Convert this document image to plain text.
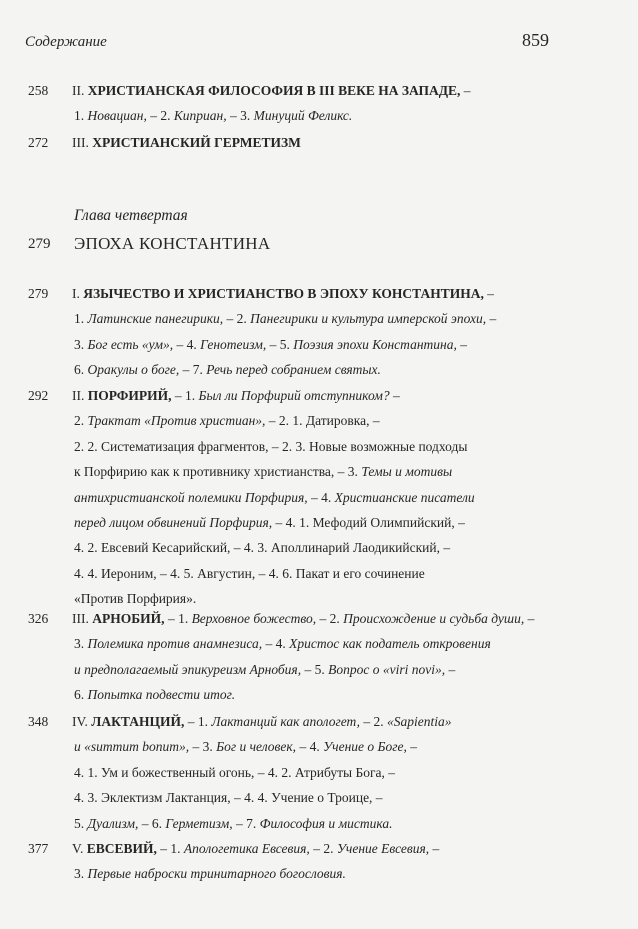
Содержание	859
Глава четвертая
279 ЭПОХА КОНСТАНТИНА
258 II. ХРИСТИАНСКАЯ ФИЛОСОФИЯ В III ВЕКЕ НА ЗАПАДЕ, –
1. Новациан, – 2. Киприан, – 3. Минуций Феликс.
272 III. ХРИСТИАНСКИЙ ГЕРМЕТИЗМ
279 I. ЯЗЫЧЕСТВО И ХРИСТИАНСТВО В ЭПОХУ КОНСТАНТИНА, –
1. Латинские панегирики, – 2. Панегирики и культура имперской эпохи, –
3. Бог есть «ум», – 4. Генотеизм, – 5. Поэзия эпохи Константина, –
6. Оракулы о боге, – 7. Речь перед собранием святых.
292 II. ПОРФИРИЙ, – 1. Был ли Порфирий отступником? –
2. Трактат «Против христиан», – 2. 1. Датировка, –
2. 2. Систематизация фрагментов, – 2. 3. Новые возможные подходы
к Порфирию как к противнику христианства, – 3. Темы и мотивы
антихристианской полемики Порфирия, – 4. Христианские писатели
перед лицом обвинений Порфирия, – 4. 1. Мефодий Олимпийский, –
4. 2. Евсевий Кесарийский, – 4. 3. Аполлинарий Лаодикийский, –
4. 4. Иероним, – 4. 5. Августин, – 4. 6. Пакат и его сочинение
«Против Порфирия».
326 III. АРНОБИЙ, – 1. Верховное божество, – 2. Происхождение и судьба души, –
3. Полемика против анамнезиса, – 4. Христос как податель откровения
и предполагаемый эпикуреизм Арнобия, – 5. Вопрос о «viri novi», –
6. Попытка подвести итог.
348 IV. ЛАКТАНЦИЙ, – 1. Лактанций как апологет, – 2. «Sapientia»
и «summum bonum», – 3. Бог и человек, – 4. Учение о Боге, –
4. 1. Ум и божественный огонь, – 4. 2. Атрибуты Бога, –
4. 3. Эклектизм Лактанция, – 4. 4. Учение о Троице, –
5. Дуализм, – 6. Герметизм, – 7. Философия и мистика.
377 V. ЕВСЕВИЙ, – 1. Апологетика Евсевия, – 2. Учение Евсевия, –
3. Первые наброски тринитарного богословия.
